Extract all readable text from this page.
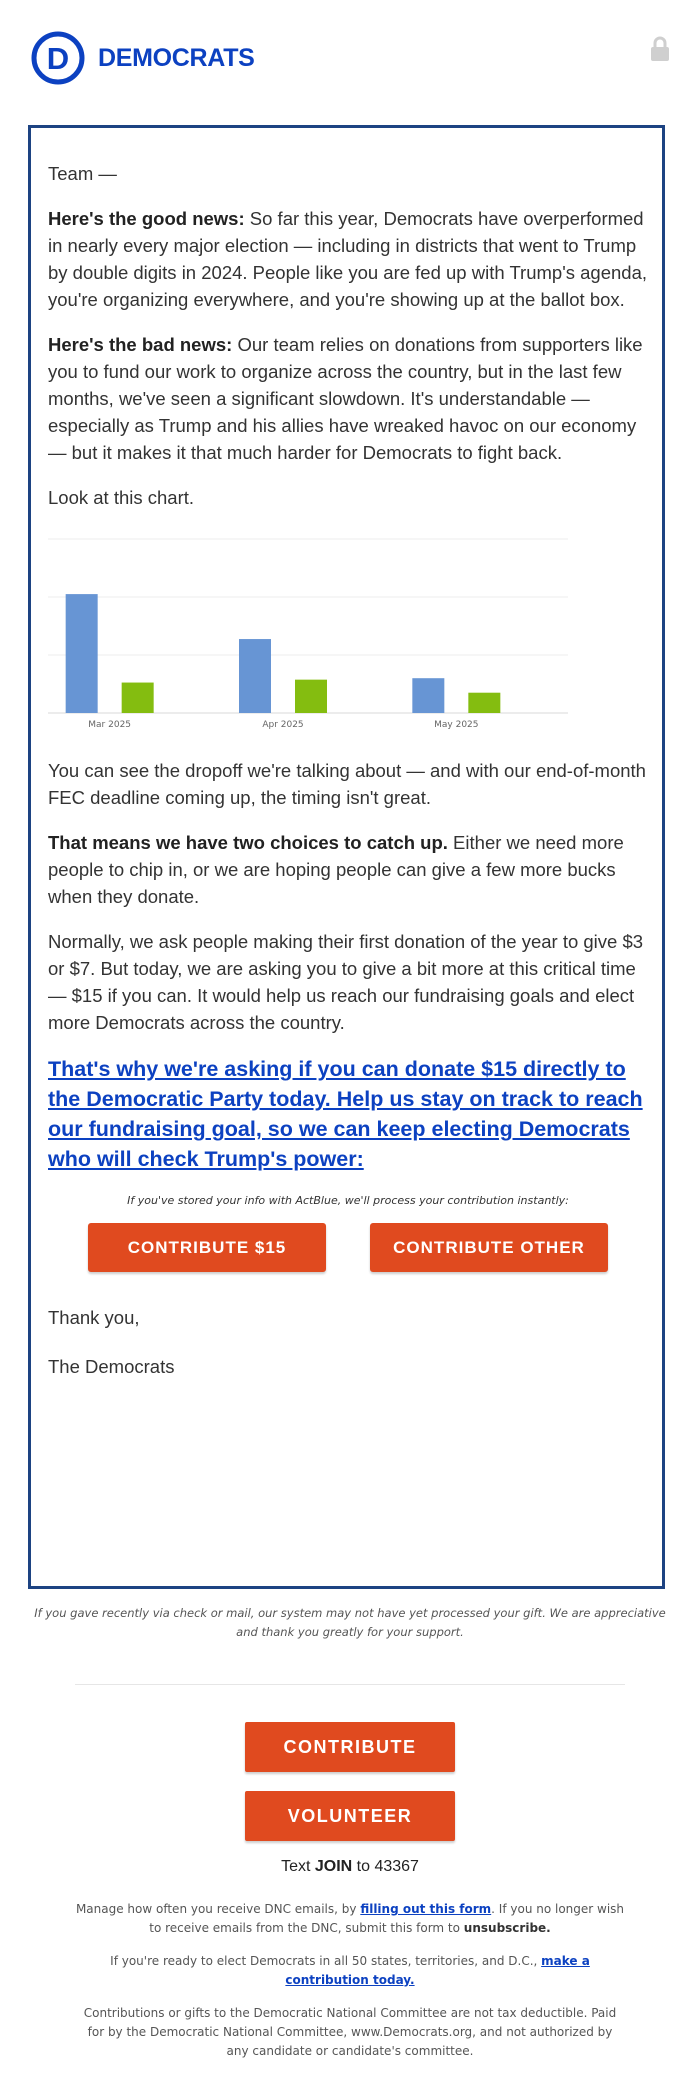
D DEMOCRATS

Team —

Here's the good news: So far this year, Democrats have overperformed in nearly every major election — including in districts that went to Trump by double digits in 2024. People like you are fed up with Trump's agenda, you're organizing everywhere, and you're showing up at the ballot box.

Here's the bad news: Our team relies on donations from supporters like you to fund our work to organize across the country, but in the last few months, we've seen a significant slowdown. It's understandable — especially as Trump and his allies have wreaked havoc on our economy — but it makes it that much harder for Democrats to fight back.

Look at this chart.

Mar 2025	Apr 2025	May 2025

You can see the dropoff we're talking about — and with our end-of-month FEC deadline coming up, the timing isn't great.

That means we have two choices to catch up. Either we need more people to chip in, or we are hoping people can give a few more bucks when they donate.

Normally, we ask people making their first donation of the year to give $3 or $7. But today, we are asking you to give a bit more at this critical time — $15 if you can. It would help us reach our fundraising goals and elect more Democrats across the country.

That's why we're asking if you can donate $15 directly to the Democratic Party today. Help us stay on track to reach our fundraising goal, so we can keep electing Democrats who will check Trump's power:

If you've stored your info with ActBlue, we'll process your contribution instantly:

CONTRIBUTE $15	CONTRIBUTE OTHER

Thank you,

The Democrats

If you gave recently via check or mail, our system may not have yet processed your gift. We are appreciative and thank you greatly for your support.
CONTRIBUTE
VOLUNTEER
Text JOIN to 43367
Manage how often you receive DNC emails, by filling out this form. If you no longer wish to receive emails from the DNC, submit this form to unsubscribe.
If you're ready to elect Democrats in all 50 states, territories, and D.C., make a contribution today.
Contributions or gifts to the Democratic National Committee are not tax deductible. Paid for by the Democratic National Committee, www.Democrats.org, and not authorized by any candidate or candidate's committee.
